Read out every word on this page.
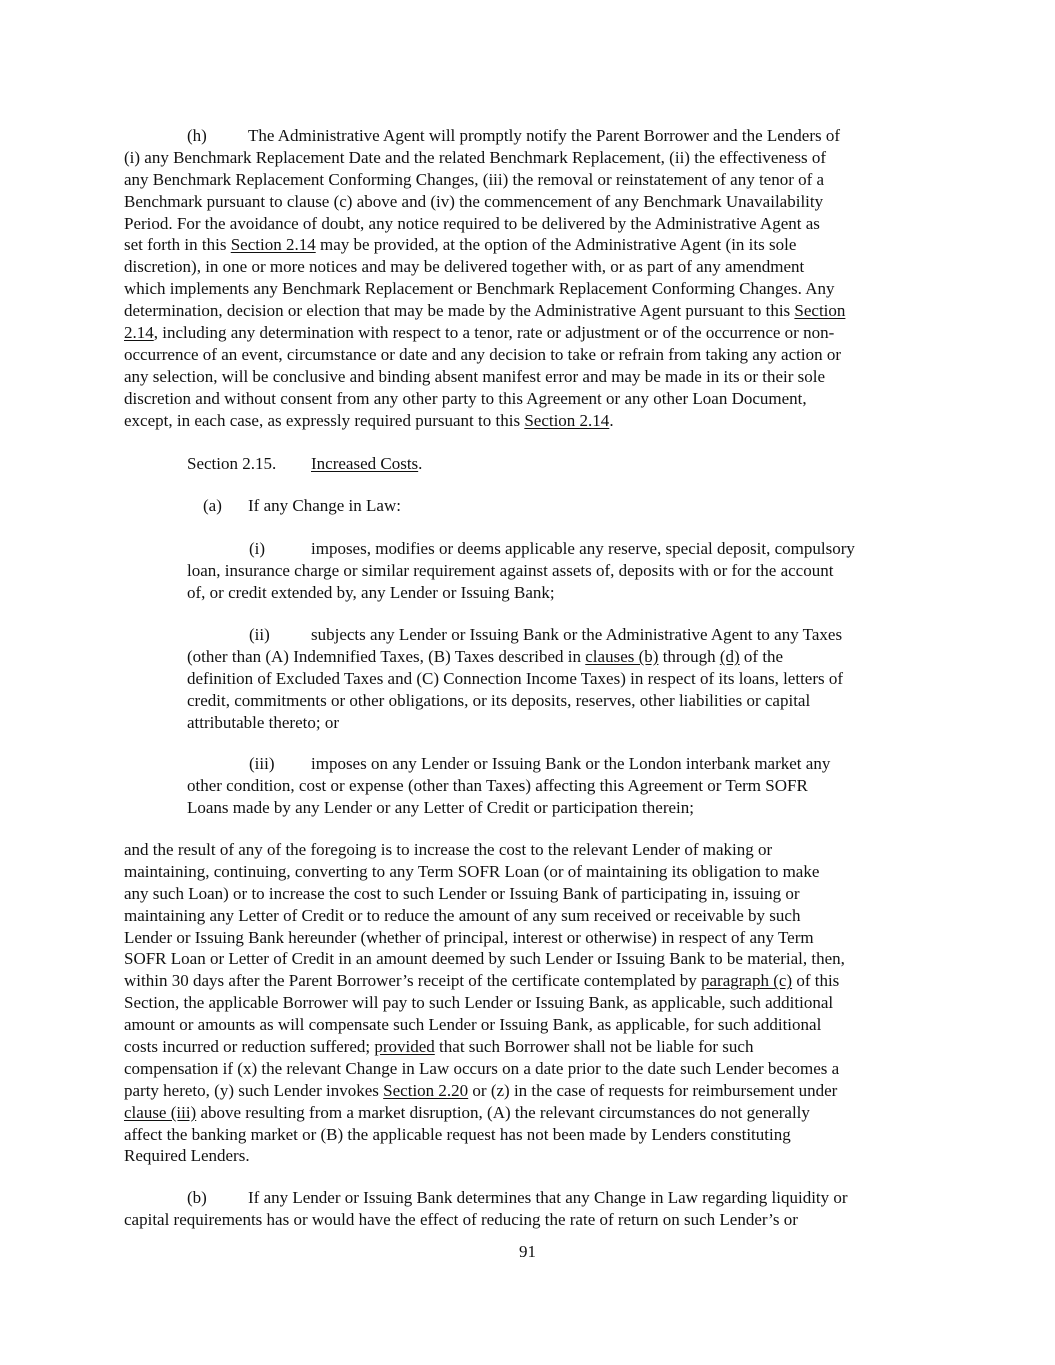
(h) The Administrative Agent will promptly notify the Parent Borrower and the Lenders of
(i) any Benchmark Replacement Date and the related Benchmark Replacement, (ii) the effectiveness of
any Benchmark Replacement Conforming Changes, (iii) the removal or reinstatement of any tenor of a
Benchmark pursuant to clause (c) above and (iv) the commencement of any Benchmark Unavailability
Period. For the avoidance of doubt, any notice required to be delivered by the Administrative Agent as
set forth in this Section 2.14 may be provided, at the option of the Administrative Agent (in its sole
discretion), in one or more notices and may be delivered together with, or as part of any amendment
which implements any Benchmark Replacement or Benchmark Replacement Conforming Changes. Any
determination, decision or election that may be made by the Administrative Agent pursuant to this Section
2.14, including any determination with respect to a tenor, rate or adjustment or of the occurrence or non-
occurrence of an event, circumstance or date and any decision to take or refrain from taking any action or
any selection, will be conclusive and binding absent manifest error and may be made in its or their sole
discretion and without consent from any other party to this Agreement or any other Loan Document,
except, in each case, as expressly required pursuant to this Section 2.14.
Section 2.15. Increased Costs.
(a) If any Change in Law:
(i)	imposes, modifies or deems applicable any reserve, special deposit, compulsory
loan, insurance charge or similar requirement against assets of, deposits with or for the account
of, or credit extended by, any Lender or Issuing Bank;
(ii) subjects any Lender or Issuing Bank or the Administrative Agent to any Taxes
(other than (A) Indemnified Taxes, (B) Taxes described in clauses (b) through (d) of the
definition of Excluded Taxes and (C) Connection Income Taxes) in respect of its loans, letters of
credit, commitments or other obligations, or its deposits, reserves, other liabilities or capital
attributable thereto; or
(iii) imposes on any Lender or Issuing Bank or the London interbank market any
other condition, cost or expense (other than Taxes) affecting this Agreement or Term SOFR
Loans made by any Lender or any Letter of Credit or participation therein;
and the result of any of the foregoing is to increase the cost to the relevant Lender of making or
maintaining, continuing, converting to any Term SOFR Loan (or of maintaining its obligation to make
any such Loan) or to increase the cost to such Lender or Issuing Bank of participating in, issuing or
maintaining any Letter of Credit or to reduce the amount of any sum received or receivable by such
Lender or Issuing Bank hereunder (whether of principal, interest or otherwise) in respect of any Term
SOFR Loan or Letter of Credit in an amount deemed by such Lender or Issuing Bank to be material, then,
within 30 days after the Parent Borrower’s receipt of the certificate contemplated by paragraph (c) of this
Section, the applicable Borrower will pay to such Lender or Issuing Bank, as applicable, such additional
amount or amounts as will compensate such Lender or Issuing Bank, as applicable, for such additional
costs incurred or reduction suffered; provided that such Borrower shall not be liable for such
compensation if (x) the relevant Change in Law occurs on a date prior to the date such Lender becomes a
party hereto, (y) such Lender invokes Section 2.20 or (z) in the case of requests for reimbursement under
clause (iii) above resulting from a market disruption, (A) the relevant circumstances do not generally
affect the banking market or (B) the applicable request has not been made by Lenders constituting
Required Lenders.
(b) If any Lender or Issuing Bank determines that any Change in Law regarding liquidity or
capital requirements has or would have the effect of reducing the rate of return on such Lender’s or
91
